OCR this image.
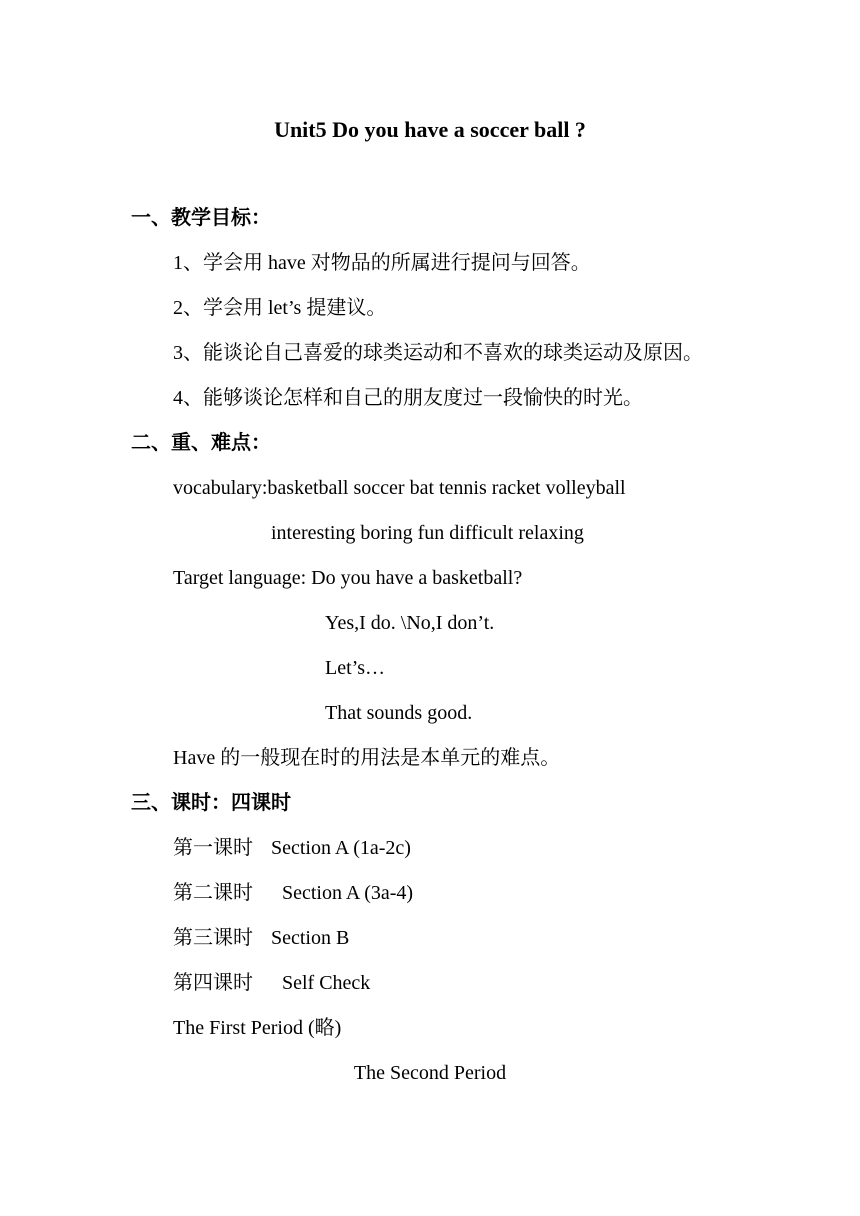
Unit5 Do you have a soccer ball ?
一、教学目标：
1、学会用 have 对物品的所属进行提问与回答。
2、学会用 let’s 提建议。
3、能谈论自己喜爱的球类运动和不喜欢的球类运动及原因。
4、能够谈论怎样和自己的朋友度过一段愉快的时光。
二、重、难点：
vocabulary:basketball soccer bat tennis racket volleyball
interesting boring fun difficult relaxing
Target language: Do you have a basketball?
Yes,I do. \No,I don’t.
Let’s…
That sounds good.
Have 的一般现在时的用法是本单元的难点。
三、课时：四课时
第一课时 Section A (1a-2c)
第二课时 Section A (3a-4)
第三课时 Section B
第四课时 Self Check
The First Period (略)
The Second Period
